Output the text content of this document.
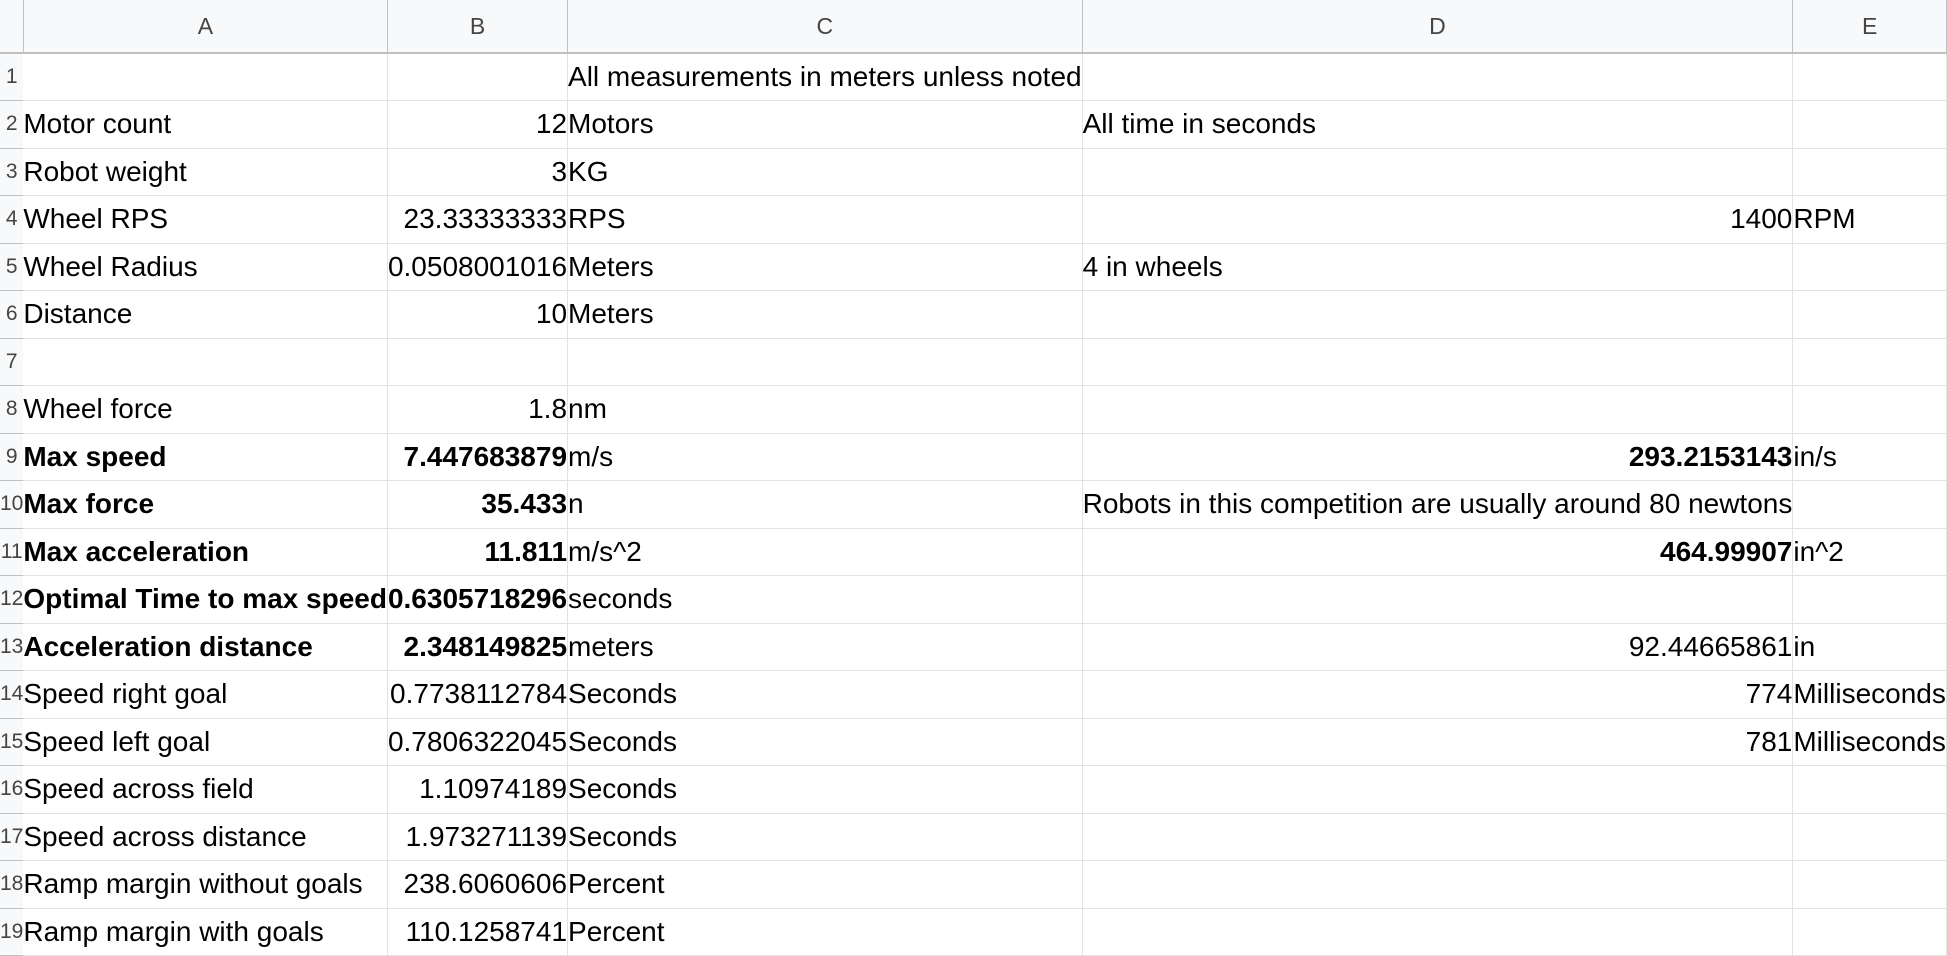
	A	B	C	D	E
1			All measurements in meters unless noted		
2	Motor count	12	Motors	All time in seconds	
3	Robot weight	3	KG		
4	Wheel RPS	23.33333333	RPS	1400	RPM
5	Wheel Radius	0.0508001016	Meters	4 in wheels	
6	Distance	10	Meters		
7					
8	Wheel force	1.8	nm		
9	Max speed	7.447683879	m/s	293.2153143	in/s
10	Max force	35.433	n	Robots in this competition are usually around 80 newtons	
11	Max acceleration	11.811	m/s^2	464.99907	in^2
12	Optimal Time to max speed	0.6305718296	seconds		
13	Acceleration distance	2.348149825	meters	92.44665861	in
14	Speed right goal	0.7738112784	Seconds	774	Milliseconds
15	Speed left goal	0.7806322045	Seconds	781	Milliseconds
16	Speed across field	1.10974189	Seconds		
17	Speed across distance	1.973271139	Seconds		
18	Ramp margin without goals	238.6060606	Percent		
19	Ramp margin with goals	110.1258741	Percent		
